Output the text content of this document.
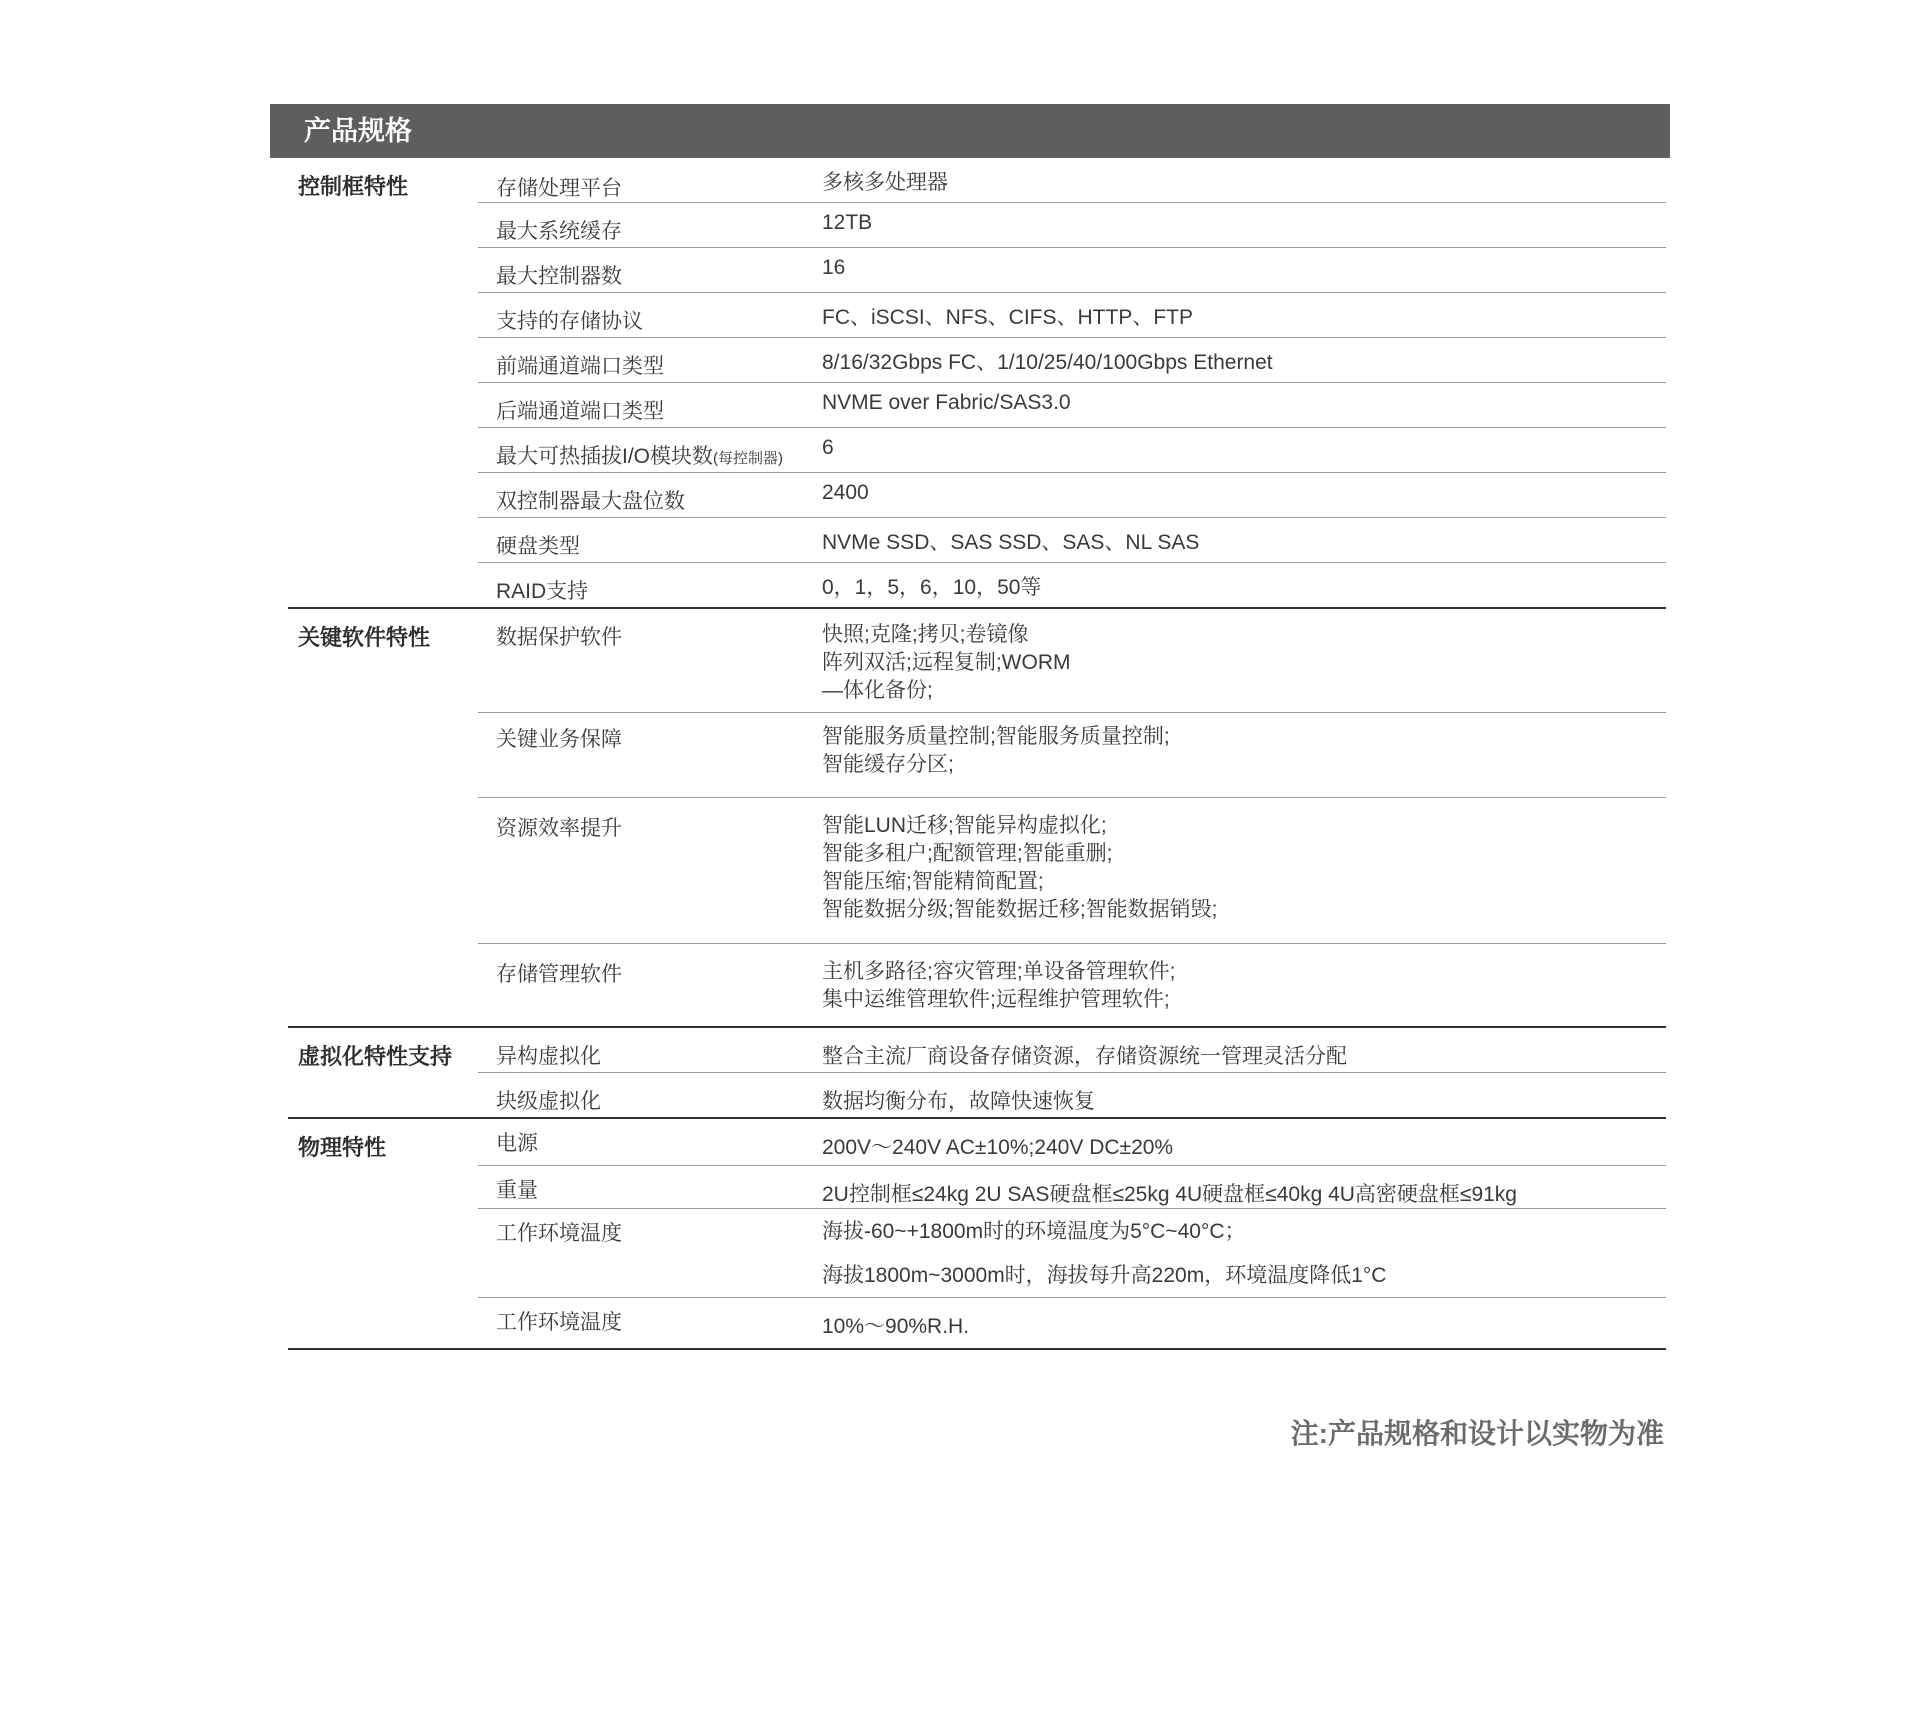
产品规格
控制框特性	存储处理平台	多核多处理器
最大系统缓存	12TB
最大控制器数	16
支持的存储协议	FC、iSCSI、NFS、CIFS、HTTP、FTP
前端通道端口类型	8/16/32Gbps FC、1/10/25/40/100Gbps Ethernet
后端通道端口类型	NVME over Fabric/SAS3.0
最大可热插拔I/O模块数(每控制器)	6
双控制器最大盘位数	2400
硬盘类型	NVMe SSD、SAS SSD、SAS、NL SAS
RAID支持	0，1，5，6，10，50等
关键软件特性	数据保护软件	快照;克隆;拷贝;卷镜像
阵列双活;远程复制;WORM
—体化备份;
关键业务保障	智能服务质量控制;智能服务质量控制;
智能缓存分区;
资源效率提升	智能LUN迁移;智能异构虚拟化;
智能多租户;配额管理;智能重删;
智能压缩;智能精简配置;
智能数据分级;智能数据迁移;智能数据销毁;
存储管理软件	主机多路径;容灾管理;单设备管理软件;
集中运维管理软件;远程维护管理软件;
虚拟化特性支持	异构虚拟化	整合主流厂商设备存储资源，存储资源统一管理灵活分配
块级虚拟化	数据均衡分布，故障快速恢复
物理特性	电源	200V～240V AC±10%;240V DC±20%
重量	2U控制框≤24kg 2U SAS硬盘框≤25kg 4U硬盘框≤40kg 4U高密硬盘框≤91kg
工作环境温度	海拔-60~+1800m时的环境温度为5°C~40°C；
海拔1800m~3000m时，海拔每升高220m，环境温度降低1°C
工作环境温度	10%～90%R.H.
注:产品规格和设计以实物为准
